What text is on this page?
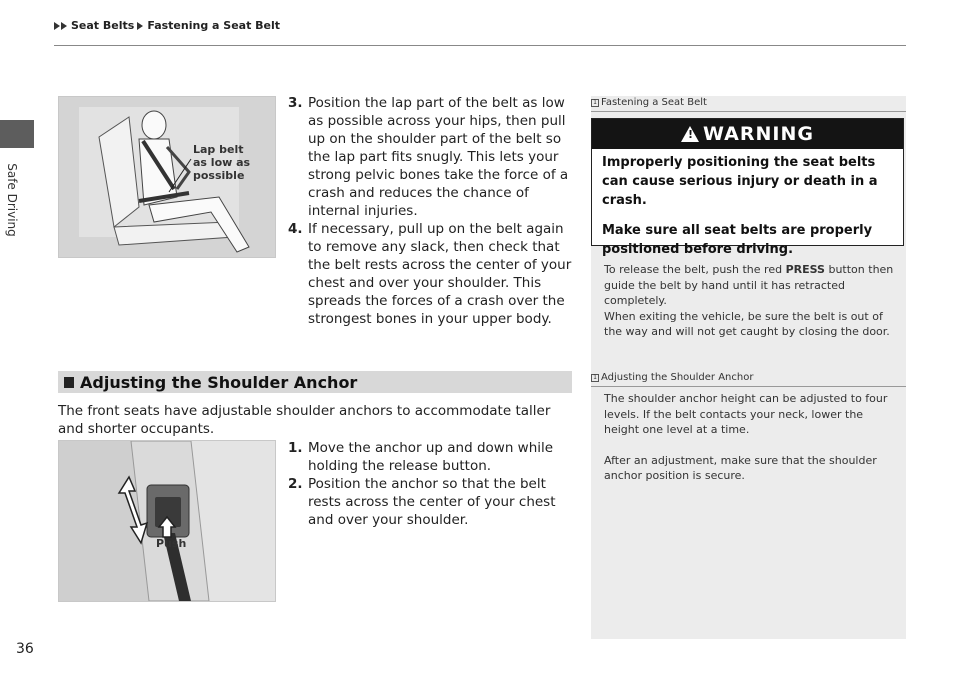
Safe Driving
Seat Belts Fastening a Seat Belt
Lap belt
as low as
possible
3. Position the lap part of the belt as low as possible across your hips, then pull up on the shoulder part of the belt so the lap part fits snugly. This lets your strong pelvic bones take the force of a crash and reduces the chance of internal injuries.
4. If necessary, pull up on the belt again to remove any slack, then check that the belt rests across the center of your chest and over your shoulder. This spreads the forces of a crash over the strongest bones in your upper body.
1 Fastening a Seat Belt
!
WARNING

Improperly positioning the seat belts can cause serious injury or death in a crash.

Make sure all seat belts are properly positioned before driving.

To release the belt, push the red PRESS button then guide the belt by hand until it has retracted completely.

When exiting the vehicle, be sure the belt is out of the way and will not get caught by closing the door.

Adjusting the Shoulder Anchor
The front seats have adjustable shoulder anchors to accommodate taller and shorter occupants.
1 Adjusting the Shoulder Anchor

The shoulder anchor height can be adjusted to four levels. If the belt contacts your neck, lower the height one level at a time.

After an adjustment, make sure that the shoulder anchor position is secure.

Push
1. Move the anchor up and down while holding the release button.
2. Position the anchor so that the belt rests across the center of your chest and over your shoulder.
36
